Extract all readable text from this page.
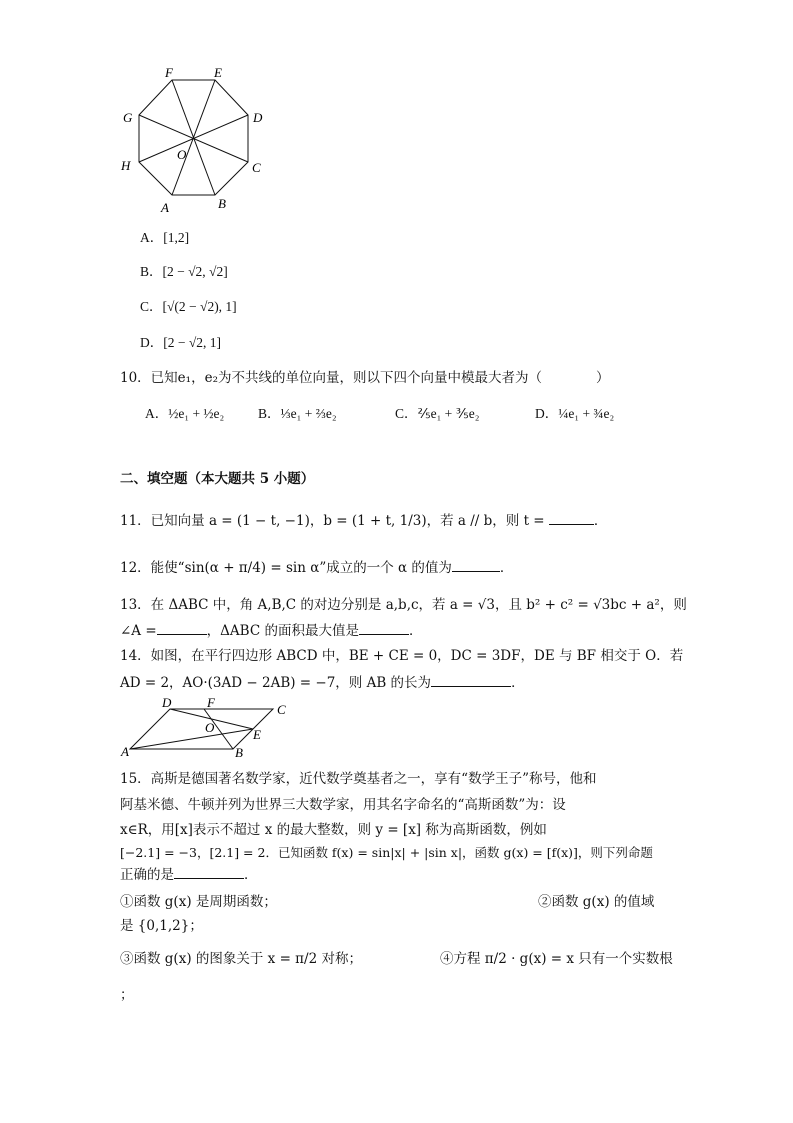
F	E
D
C
B
A
H
G
O
A．[1,2]
B．[2 − √2, √2]
C．[√(2 − √2), 1]
D．[2 − √2, 1]
10．已知e₁，e₂为不共线的单位向量，则以下四个向量中模最大者为（　　　　）
A．½e₁ + ½e₂ B．⅓e₁ + ⅔e₂	C．⅖e₁ + ⅗e₂	D．¼e₁ + ¾e₂
二、填空题（本大题共 5 小题）
11．已知向量 a = (1 − t, −1)，b = (1 + t, 1/3)，若 a // b，则 t =	．
12．能使“sin(α + π/4) = sin α”成立的一个 α 的值为	．
13．在 ΔABC 中，角 A,B,C 的对边分别是 a,b,c，若 a = √3，且 b² + c² = √3bc + a²，则
∠A =	，ΔABC 的面积最大值是	．
14．如图，在平行四边形 ABCD 中，BE + CE = 0，DC = 3DF，DE 与 BF 相交于 O．若
AD = 2，AO·(3AD − 2AB) = −7，则 AB 的长为	．
D	F	C
O	E
A	B
15．高斯是德国著名数学家，近代数学奠基者之一，享有“数学王子”称号，他和
阿基米德、牛顿并列为世界三大数学家，用其名字命名的“高斯函数”为：设
x∈R，用[x]表示不超过 x 的最大整数，则 y = [x] 称为高斯函数，例如
[−2.1] = −3，[2.1] = 2．已知函数 f(x) = sin|x| + |sin x|，函数 g(x) = [f(x)]，则下列命题
正确的是	．
①函数 g(x) 是周期函数；	②函数 g(x) 的值域
是 {0,1,2}；
③函数 g(x) 的图象关于 x = π/2 对称；	④方程 π/2 · g(x) = x 只有一个实数根
；
